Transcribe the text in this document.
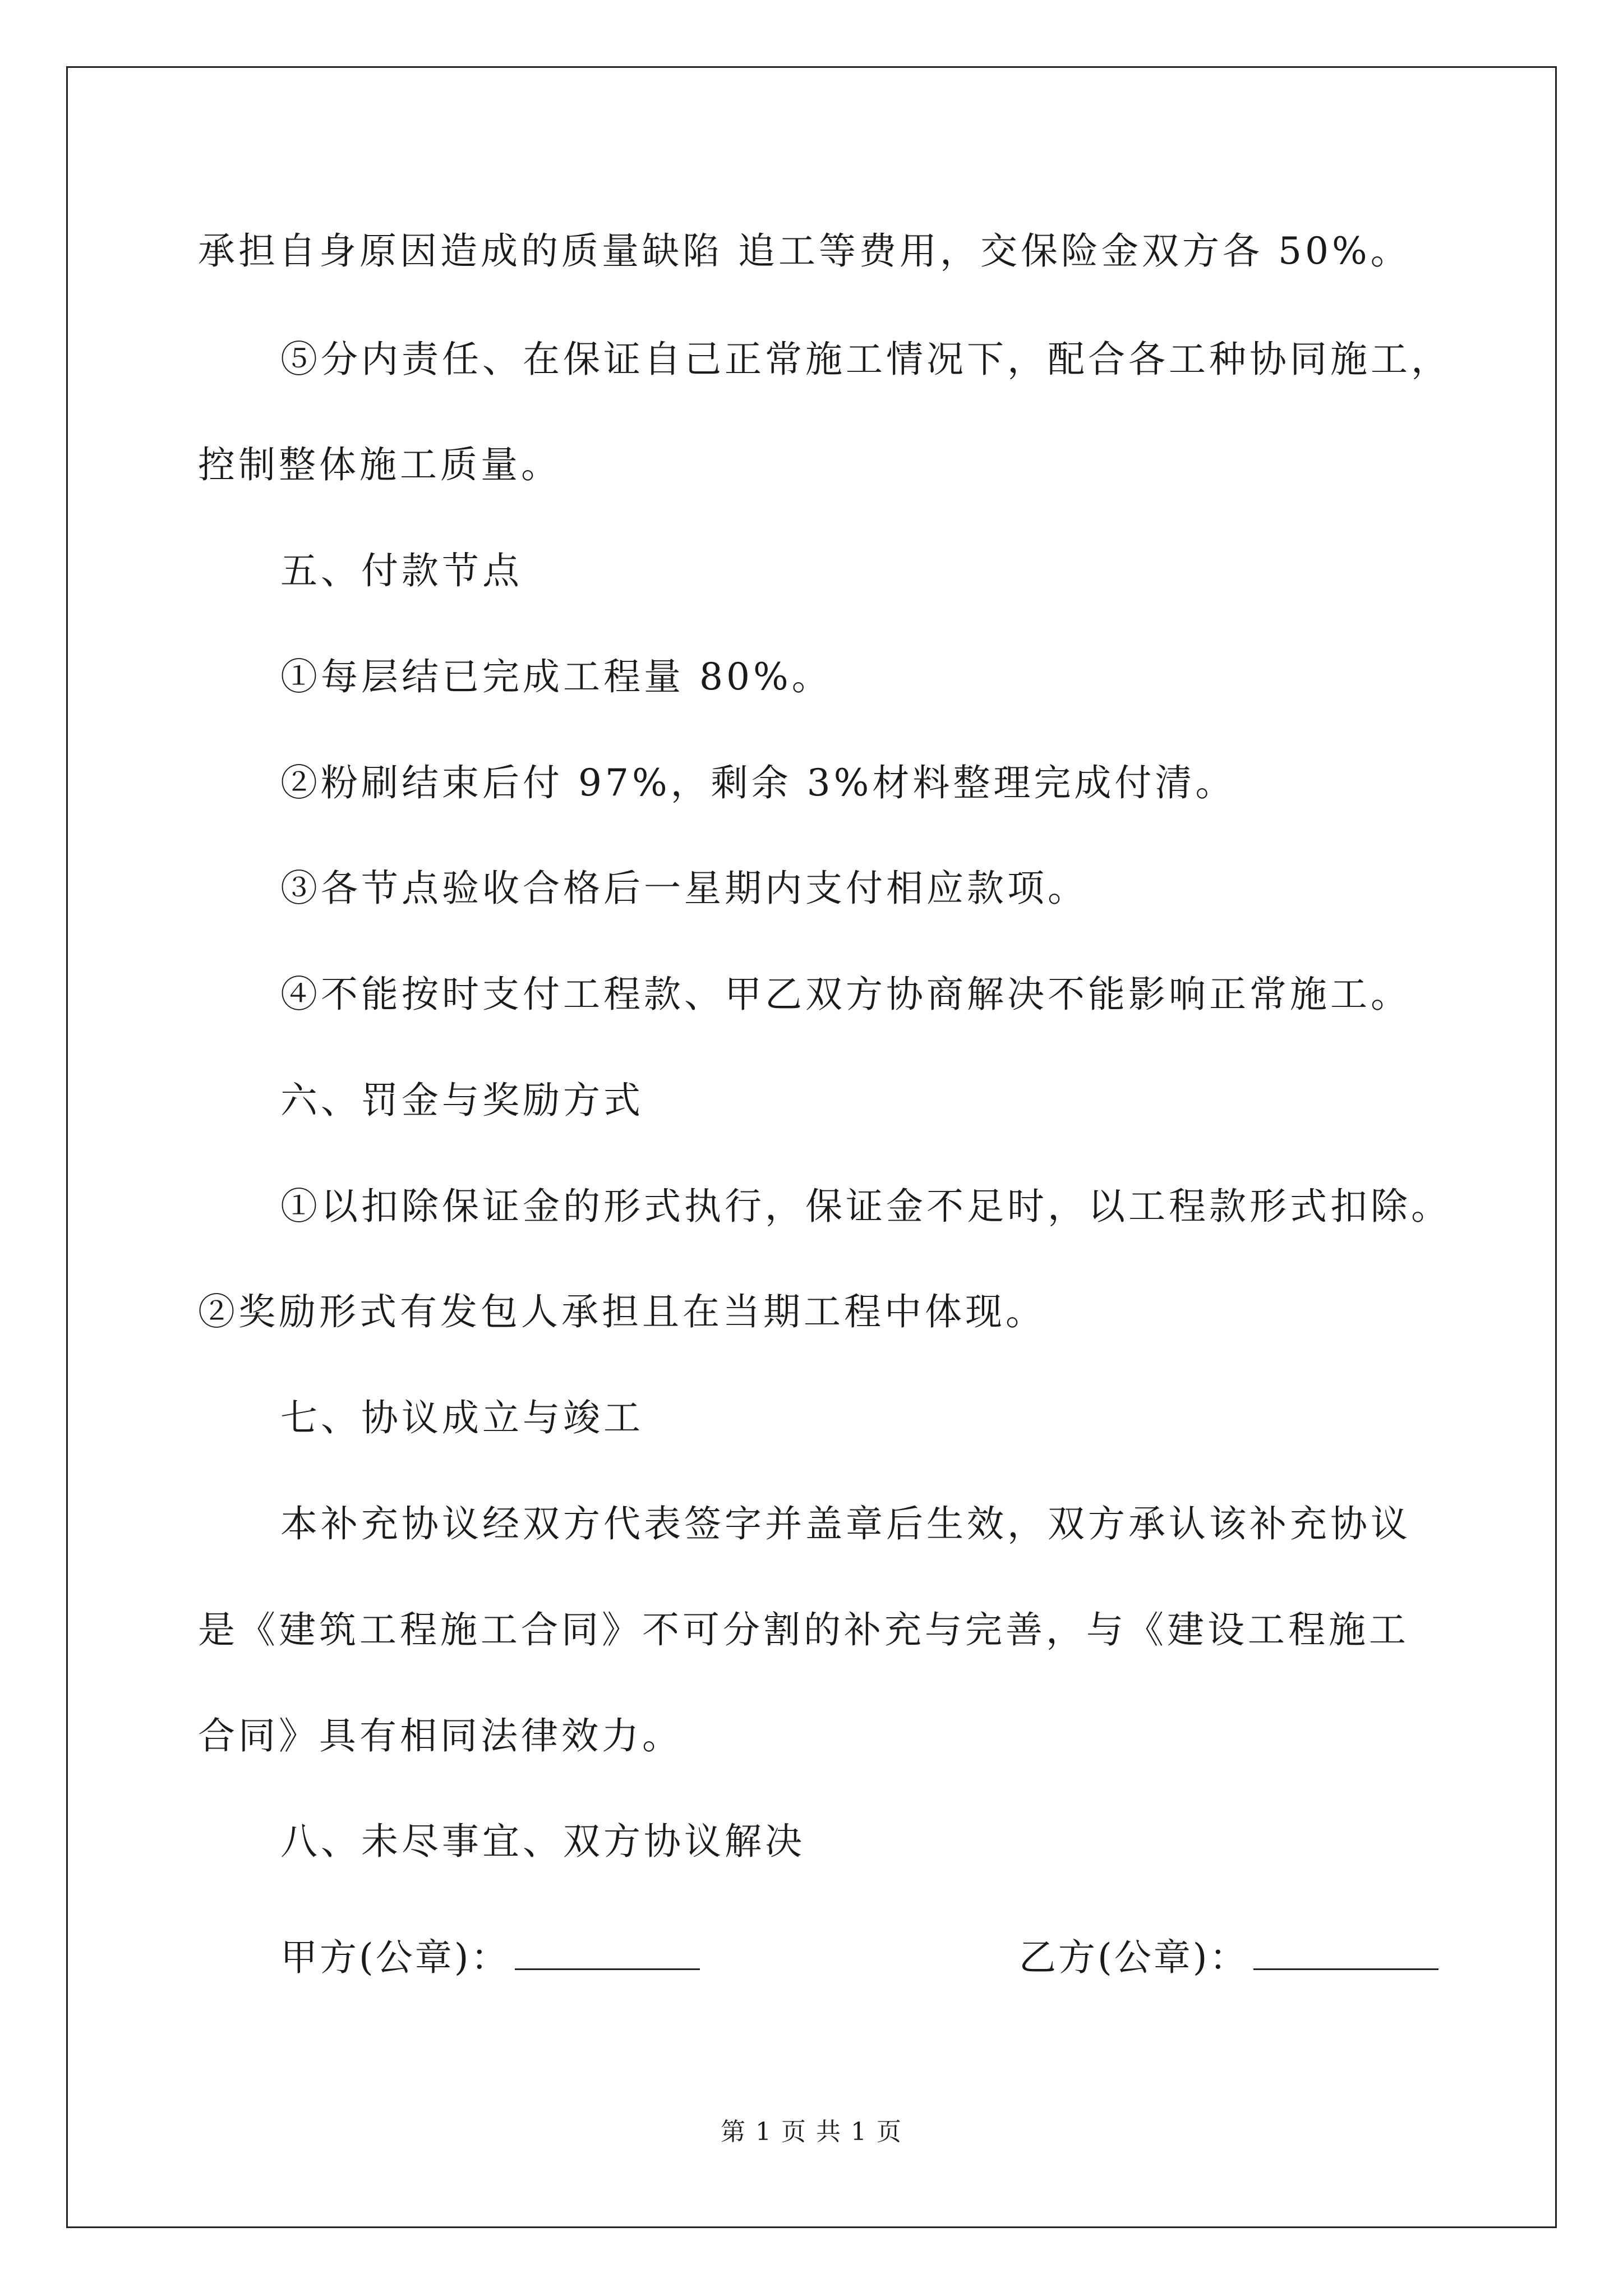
承担自身原因造成的质量缺陷 追工等费用，交保险金双方各 50%。
⑤分内责任、在保证自己正常施工情况下，配合各工种协同施工，
控制整体施工质量。
五、付款节点
①每层结已完成工程量 80%。
②粉刷结束后付 97%，剩余 3%材料整理完成付清。
③各节点验收合格后一星期内支付相应款项。
④不能按时支付工程款、甲乙双方协商解决不能影响正常施工。
六、罚金与奖励方式
①以扣除保证金的形式执行，保证金不足时，以工程款形式扣除。
②奖励形式有发包人承担且在当期工程中体现。
七、协议成立与竣工
本补充协议经双方代表签字并盖章后生效，双方承认该补充协议
是《建筑工程施工合同》不可分割的补充与完善，与《建设工程施工
合同》具有相同法律效力。
八、未尽事宜、双方协议解决
甲方(公章)：	乙方(公章)：
第 1 页 共 1 页
